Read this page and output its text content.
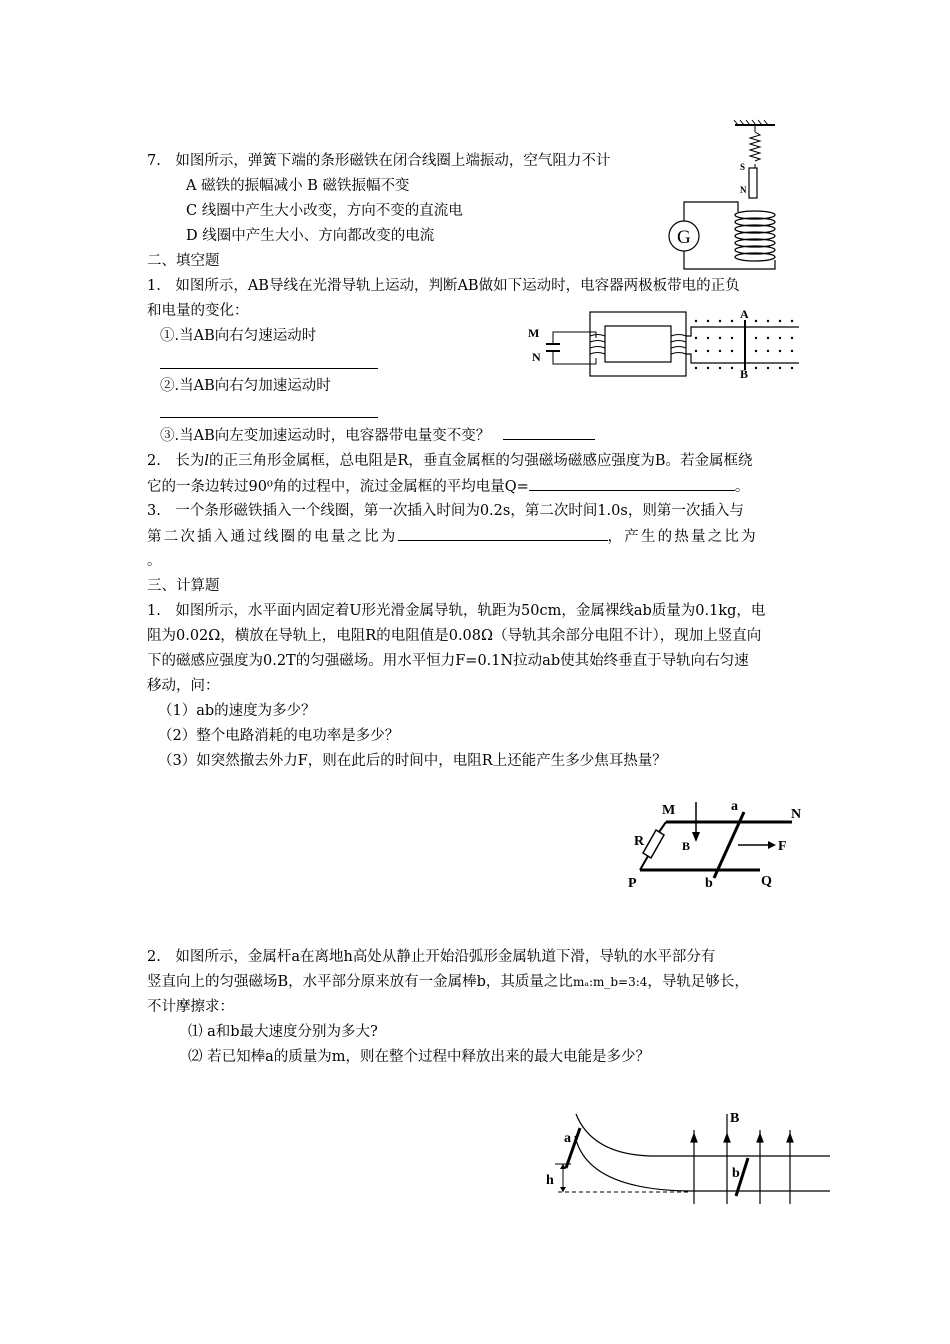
7.　如图所示，弹簧下端的条形磁铁在闭合线圈上端振动，空气阻力不计
A 磁铁的振幅减小 B 磁铁振幅不变
C 线圈中产生大小改变，方向不变的直流电
D 线圈中产生大小、方向都改变的电流
S
N
G
二、填空题
1.　如图所示，AB导线在光滑导轨上运动，判断AB做如下运动时，电容器两极板带电的正负
和电量的变化：
①.当AB向右匀速运动时
②.当AB向右匀加速运动时
③.当AB向左变加速运动时，电容器带电量变不变？
M
N
A
B
2.　长为l的正三角形金属框，总电阻是R，垂直金属框的匀强磁场磁感应强度为B。若金属框绕
它的一条边转过90⁰角的过程中，流过金属框的平均电量Q=	。
3.　一个条形磁铁插入一个线圈，第一次插入时间为0.2s，第二次时间1.0s，则第一次插入与
第二次插入通过线圈的电量之比为	，产生的热量之比为
。
三、计算题
1.　如图所示，水平面内固定着U形光滑金属导轨，轨距为50cm，金属裸线ab质量为0.1kg，电
阻为0.02Ω，横放在导轨上，电阻R的电阻值是0.08Ω（导轨其余部分电阻不计），现加上竖直向
下的磁感应强度为0.2T的匀强磁场。用水平恒力F=0.1N拉动ab使其始终垂直于导轨向右匀速
移动，问：
（1）ab的速度为多少？
（2）整个电路消耗的电功率是多少？
（3）如突然撤去外力F，则在此后的时间中，电阻R上还能产生多少焦耳热量？
M	a
N
R	B	F
P	b	Q
2.　如图所示，金属杆a在离地h高处从静止开始沿弧形金属轨道下滑，导轨的水平部分有
竖直向上的匀强磁场B，水平部分原来放有一金属棒b，其质量之比mₐ:m_b=3:4，导轨足够长，
不计摩擦求：
⑴ a和b最大速度分别为多大?
⑵ 若已知棒a的质量为m，则在整个过程中释放出来的最大电能是多少？
a
h
B
b
